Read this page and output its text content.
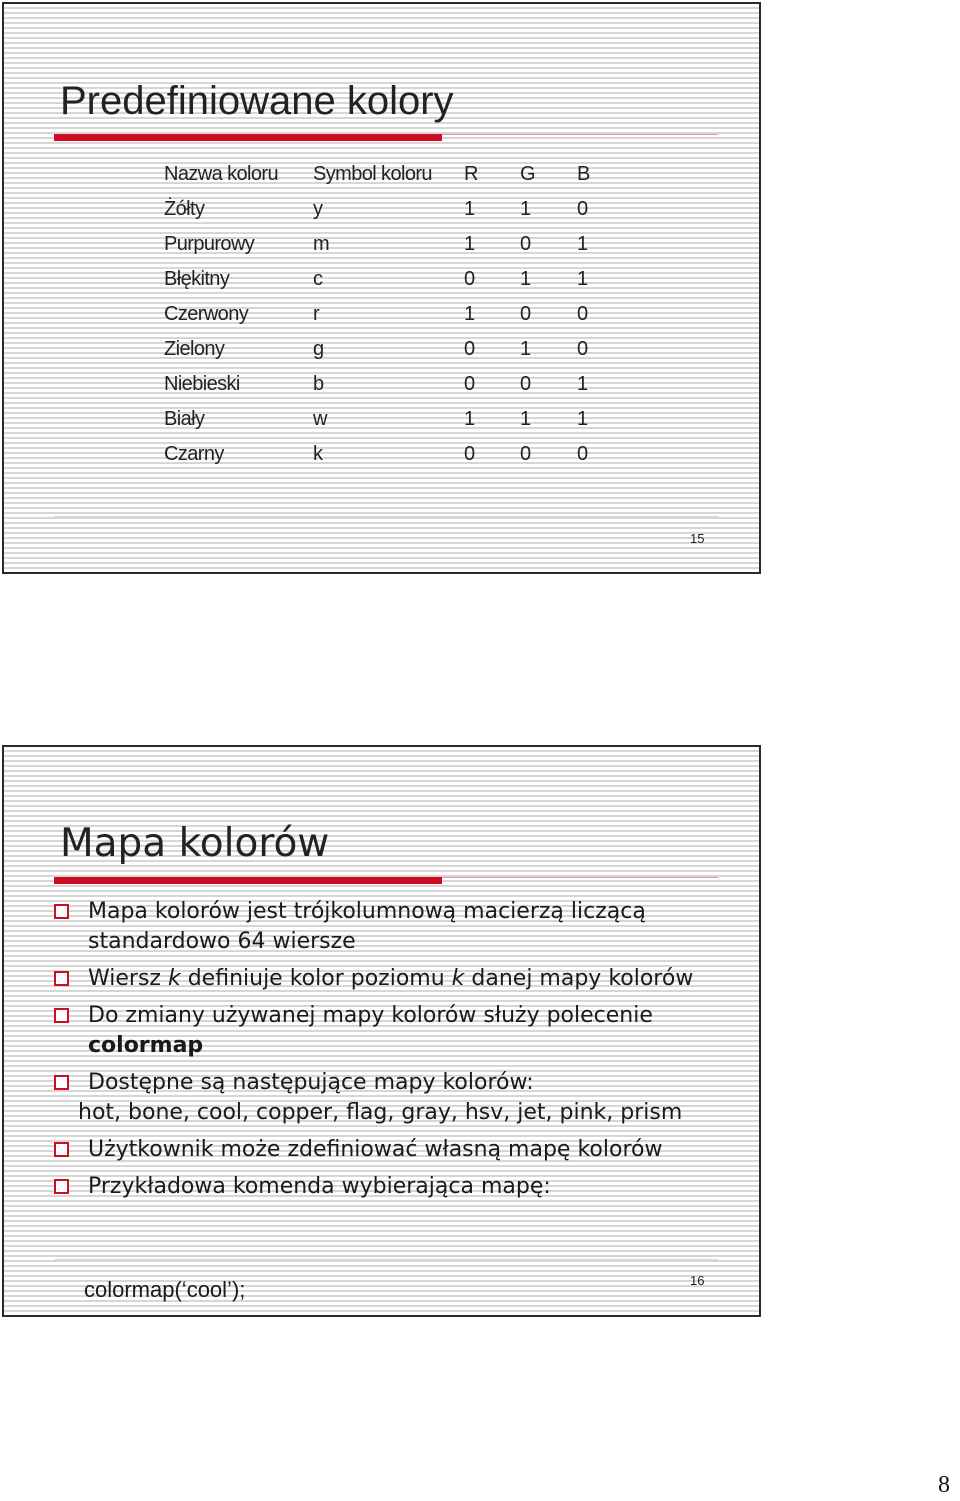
Predefiniowane kolory
Nazwa koloru	Symbol koloru	R	G	B
Żółty	y	1	1	0
Purpurowy	m	1	0	1
Błękitny	c	0	1	1
Czerwony	r	1	0	0
Zielony	g	0	1	0
Niebieski	b	0	0	1
Biały	w	1	1	1
Czarny	k	0	0	0
15
Mapa kolorów
Mapa kolorów jest trójkolumnową macierzą liczącą standardowo 64 wiersze
Wiersz k definiuje kolor poziomu k danej mapy kolorów
Do zmiany używanej mapy kolorów służy polecenie colormap
Dostępne są następujące mapy kolorów:
hot, bone, cool, copper, flag, gray, hsv, jet, pink, prism
Użytkownik może zdefiniować własną mapę kolorów
Przykładowa komenda wybierająca mapę:
colormap(‘cool’);	16
8
